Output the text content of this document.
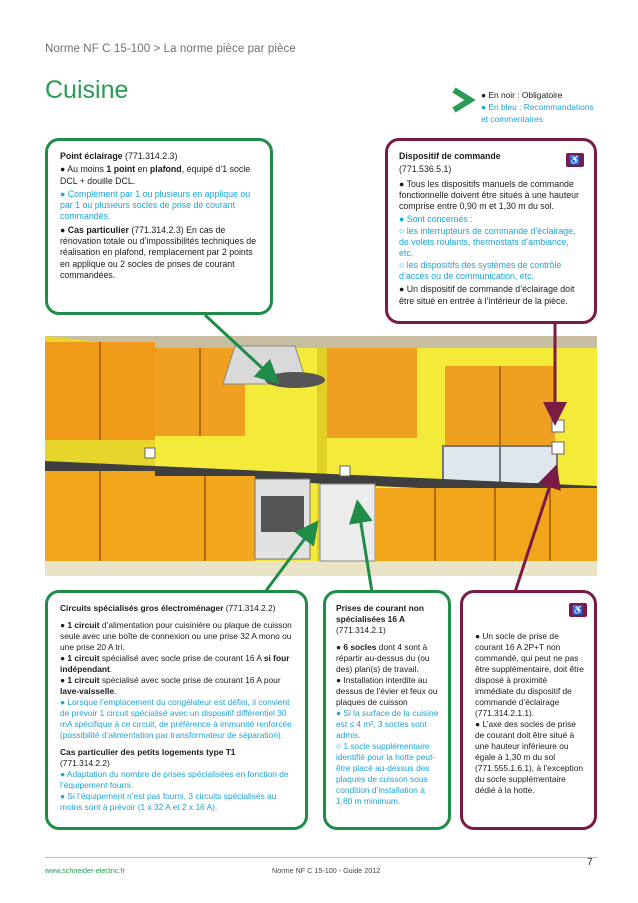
Norme NF C 15-100 > La norme pièce par pièce
Cuisine	● En noir : Obligatoire
● En bleu : Recommandations
et commentaires

Point éclairage (771.314.2.3)

● Au moins 1 point en plafond, équipé d’1 socle DCL + douille DCL.

● Complément par 1 ou plusieurs en applique ou par 1 ou plusieurs socles de prise de courant commandés.

● Cas particulier (771.314.2.3) En cas de rénovation totale ou d’impossibilités techniques de réalisation en plafond, remplacement par 2 points en applique ou 2 socles de prises de courant commandées.

♿

Dispositif de commande

(771.536.5.1)

● Tous les dispositifs manuels de commande fonctionnelle doivent être situés à une hauteur comprise entre 0,90 m et 1,30 m du sol.

● Sont concernés :

○ les interrupteurs de commande d’éclairage, de volets roulants, thermostats d’ambiance, etc.

○ les dispositifs des systèmes de contrôle d’accès ou de communication, etc.

● Un dispositif de commande d’éclairage doit être situé en entrée à l’intérieur de la pièce.

Circuits spécialisés gros électroménager (771.314.2.2)

● 1 circuit d’alimentation pour cuisinière ou plaque de cuisson seule avec une boîte de connexion ou une prise 32 A mono ou une prise 20 A tri.

● 1 circuit spécialisé avec socle prise de courant 16 A si four indépendant.

● 1 circuit spécialisé avec socle prise de courant 16 A pour lave-vaisselle.

● Lorsque l’emplacement du congélateur est défini, il convient de prévoir 1 circuit spécialisé avec un dispositif différentiel 30 mA spécifique à ce circuit, de préférence à immunité renforcée (possibilité d’alimentation par transformateur de séparation).

Cas particulier des petits logements type T1

(771.314.2.2)

● Adaptation du nombre de prises spécialisées en fonction de l’équipement fourni.

● Si l’équipement n’est pas fourni, 3 circuits spécialisés au moins sont à prévoir (1 x 32 A et 2 x 16 A).

Prises de courant non spécialisées 16 A

(771.314.2.1)

● 6 socles dont 4 sont à répartir au-dessus du (ou des) plan(s) de travail.

● Installation interdite au dessus de l’évier et feux ou plaques de cuisson

● Si la surface de la cuisine est ≤ 4 m², 3 socles sont admis.

○ 1 socle supplémentaire identifié pour la hotte peut-être placé au-dessus des plaques de cuisson sous condition d’installation à 1,80 m minimum.

♿

● Un socle de prise de courant 16 A 2P+T non commandé, qui peut ne pas être supplémentaire, doit être disposé à proximité immédiate du dispositif de commande d’éclairage (771.314.2.1.1).

● L’axe des socles de prise de courant doit être situé à une hauteur inférieure ou égale à 1,30 m du sol (771.555.1.6.1), à l’exception du socle supplémentaire dédié à la hotte.

www.schneider-electric.fr	Norme NF C 15-100 - Guide 2012
7
